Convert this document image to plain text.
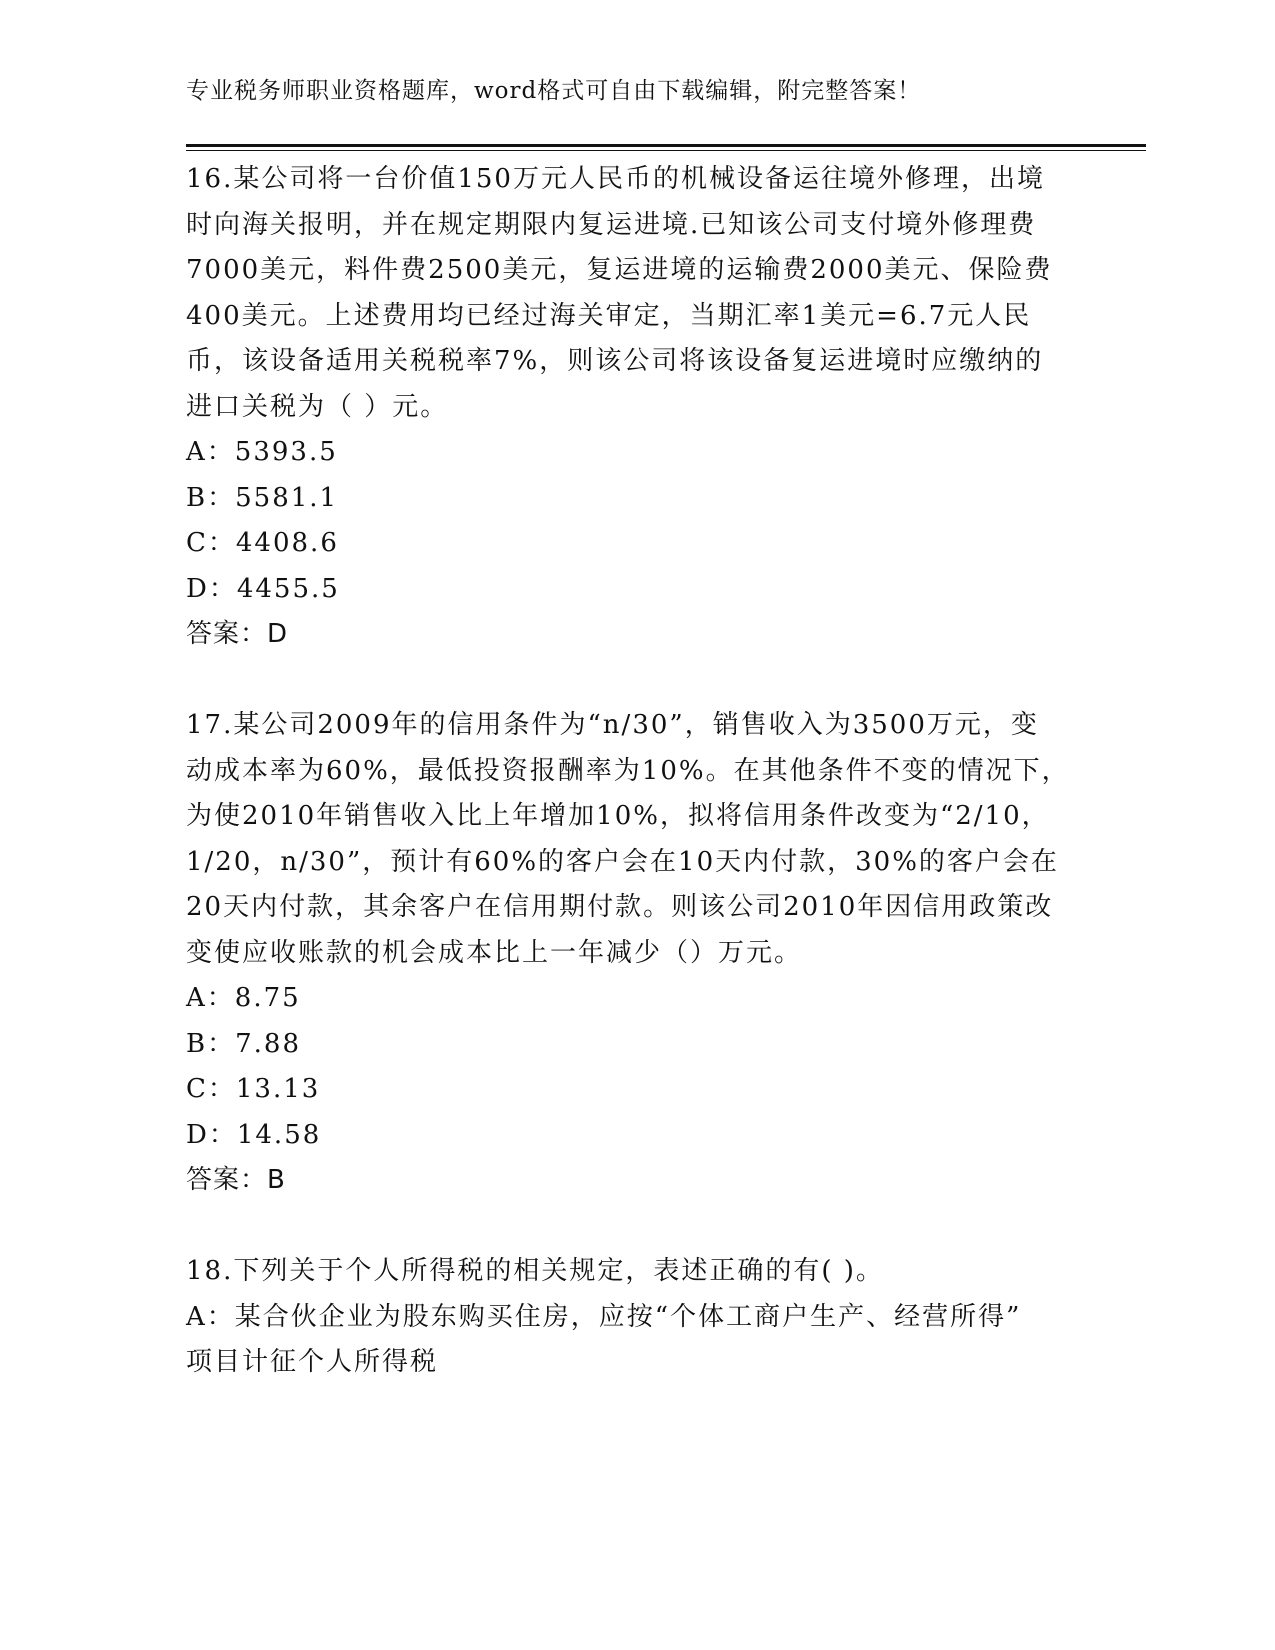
专业税务师职业资格题库，word格式可自由下载编辑，附完整答案！
16.某公司将一台价值150万元人民币的机械设备运往境外修理，出境
时向海关报明，并在规定期限内复运进境.已知该公司支付境外修理费
7000美元，料件费2500美元，复运进境的运输费2000美元、保险费
400美元。上述费用均已经过海关审定，当期汇率1美元=6.7元人民
币，该设备适用关税税率7%，则该公司将该设备复运进境时应缴纳的
进口关税为（ ）元。
A：5393.5
B：5581.1
C：4408.6
D：4455.5
答案：D
17.某公司2009年的信用条件为“n/30”，销售收入为3500万元，变
动成本率为60%，最低投资报酬率为10%。在其他条件不变的情况下，
为使2010年销售收入比上年增加10%，拟将信用条件改变为“2/10，
1/20，n/30”，预计有60%的客户会在10天内付款，30%的客户会在
20天内付款，其余客户在信用期付款。则该公司2010年因信用政策改
变使应收账款的机会成本比上一年减少（）万元。
A：8.75
B：7.88
C：13.13
D：14.58
答案：B
18.下列关于个人所得税的相关规定，表述正确的有( )。
A：某合伙企业为股东购买住房，应按“个体工商户生产、经营所得”
项目计征个人所得税
